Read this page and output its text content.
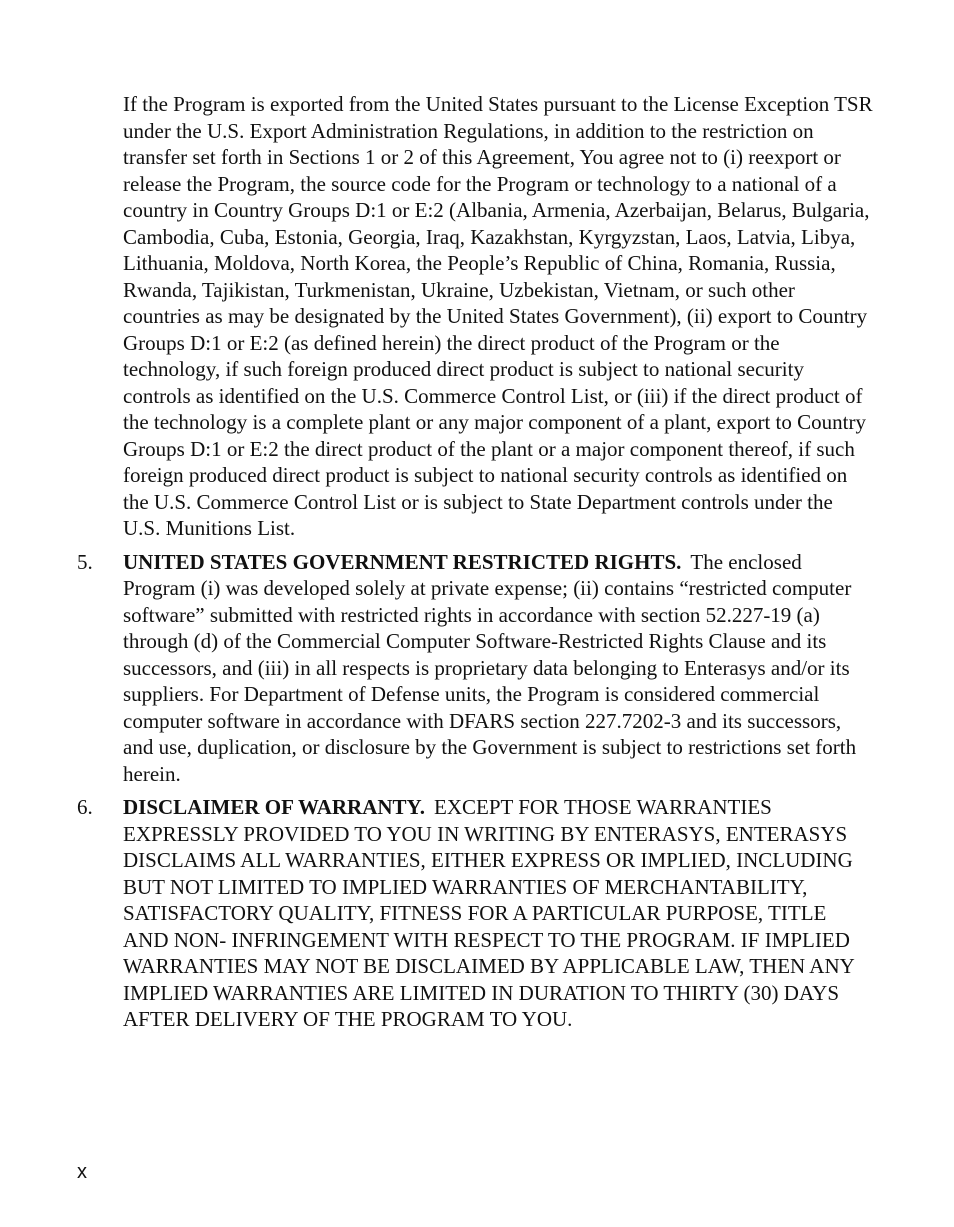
If the Program is exported from the United States pursuant to the License Exception TSR under the U.S. Export Administration Regulations, in addition to the restriction on transfer set forth in Sections 1 or 2 of this Agreement, You agree not to (i) reexport or release the Program, the source code for the Program or technology to a national of a country in Country Groups D:1 or E:2 (Albania, Armenia, Azerbaijan, Belarus, Bulgaria, Cambodia, Cuba, Estonia, Georgia, Iraq, Kazakhstan, Kyrgyzstan, Laos, Latvia, Libya, Lithuania, Moldova, North Korea, the People’s Republic of China, Romania, Russia, Rwanda, Tajikistan, Turkmenistan, Ukraine, Uzbekistan, Vietnam, or such other countries as may be designated by the United States Government), (ii) export to Country Groups D:1 or E:2 (as defined herein) the direct product of the Program or the technology, if such foreign produced direct product is subject to national security controls as identified on the U.S. Commerce Control List, or (iii) if the direct product of the technology is a complete plant or any major component of a plant, export to Country Groups D:1 or E:2 the direct product of the plant or a major component thereof, if such foreign produced direct product is subject to national security controls as identified on the U.S. Commerce Control List or is subject to State Department controls under the U.S. Munitions List.

5. UNITED STATES GOVERNMENT RESTRICTED RIGHTS. The enclosed Program (i) was developed solely at private expense; (ii) contains “restricted computer software” submitted with restricted rights in accordance with section 52.227-19 (a) through (d) of the Commercial Computer Software-Restricted Rights Clause and its successors, and (iii) in all respects is proprietary data belonging to Enterasys and/or its suppliers. For Department of Defense units, the Program is considered commercial computer software in accordance with DFARS section 227.7202-3 and its successors, and use, duplication, or disclosure by the Government is subject to restrictions set forth herein.
6. DISCLAIMER OF WARRANTY. EXCEPT FOR THOSE WARRANTIES EXPRESSLY PROVIDED TO YOU IN WRITING BY ENTERASYS, ENTERASYS DISCLAIMS ALL WARRANTIES, EITHER EXPRESS OR IMPLIED, INCLUDING BUT NOT LIMITED TO IMPLIED WARRANTIES OF MERCHANTABILITY, SATISFACTORY QUALITY, FITNESS FOR A PARTICULAR PURPOSE, TITLE AND NON- INFRINGEMENT WITH RESPECT TO THE PROGRAM. IF IMPLIED WARRANTIES MAY NOT BE DISCLAIMED BY APPLICABLE LAW, THEN ANY IMPLIED WARRANTIES ARE LIMITED IN DURATION TO THIRTY (30) DAYS AFTER DELIVERY OF THE PROGRAM TO YOU.
x
